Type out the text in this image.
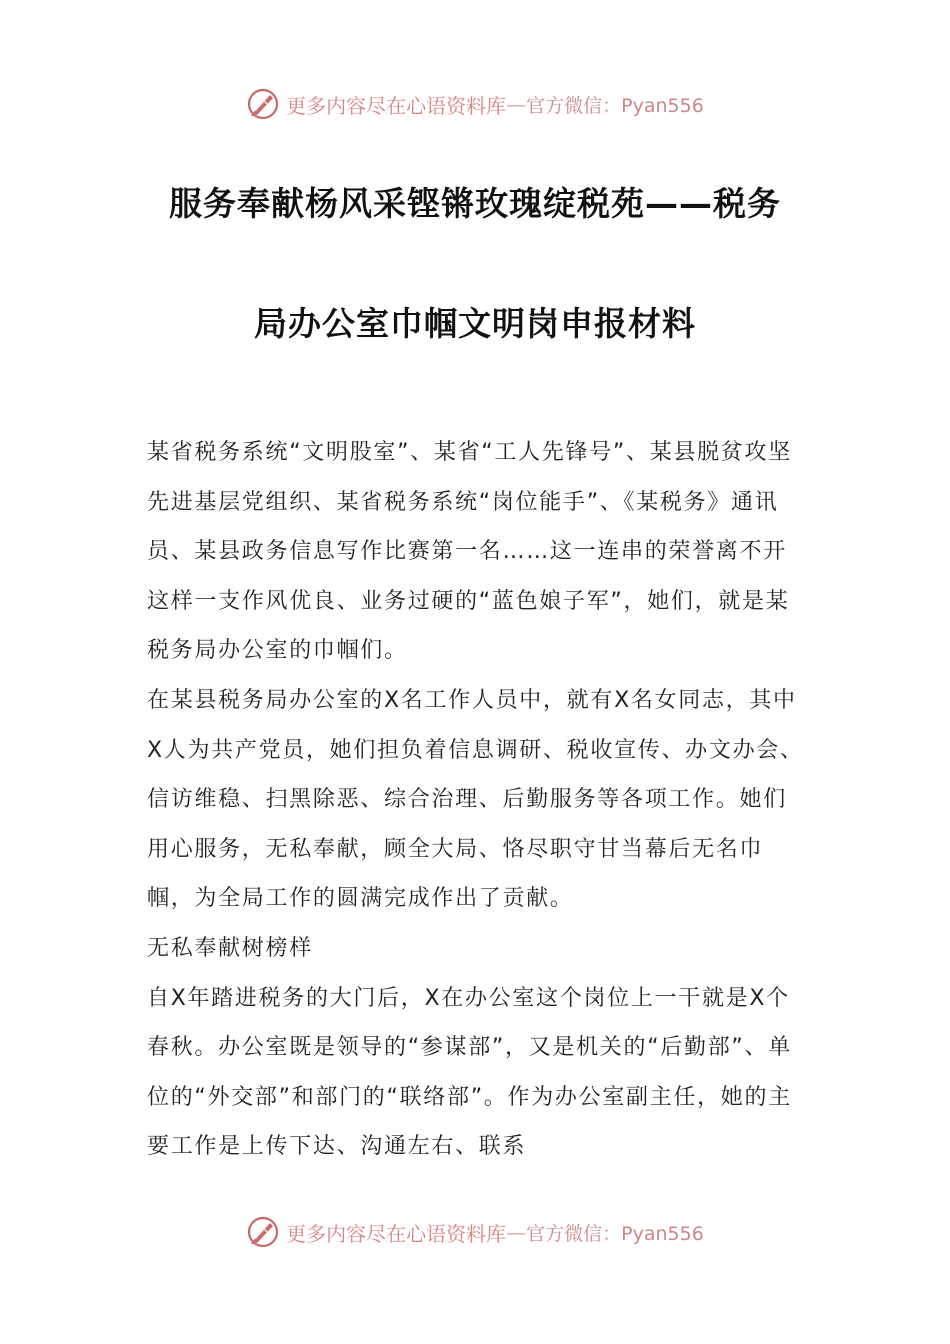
更多内容尽在心语资料库 — 官方微信：Pyan556
服务奉献杨风采铿锵玫瑰绽税苑——税务
局办公室巾帼文明岗申报材料

某省税务系统“文明股室”、某省“工人先锋号”、某县脱贫攻坚先进基层党组织、某省税务系统“岗位能手”、《某税务》通讯员、某县政务信息写作比赛第一名……这一连串的荣誉离不开这样一支作风优良、业务过硬的“蓝色娘子军”，她们，就是某税务局办公室的巾帼们。

在某县税务局办公室的X名工作人员中，就有X名女同志，其中X人为共产党员，她们担负着信息调研、税收宣传、办文办会、信访维稳、扫黑除恶、综合治理、后勤服务等各项工作。她们用心服务，无私奉献，顾全大局、恪尽职守甘当幕后无名巾帼，为全局工作的圆满完成作出了贡献。

无私奉献树榜样

自X年踏进税务的大门后，X在办公室这个岗位上一干就是X个春秋。办公室既是领导的“参谋部”，又是机关的“后勤部”、单位的“外交部”和部门的“联络部”。作为办公室副主任，她的主要工作是上传下达、沟通左右、联系

更多内容尽在心语资料库 — 官方微信：Pyan556
